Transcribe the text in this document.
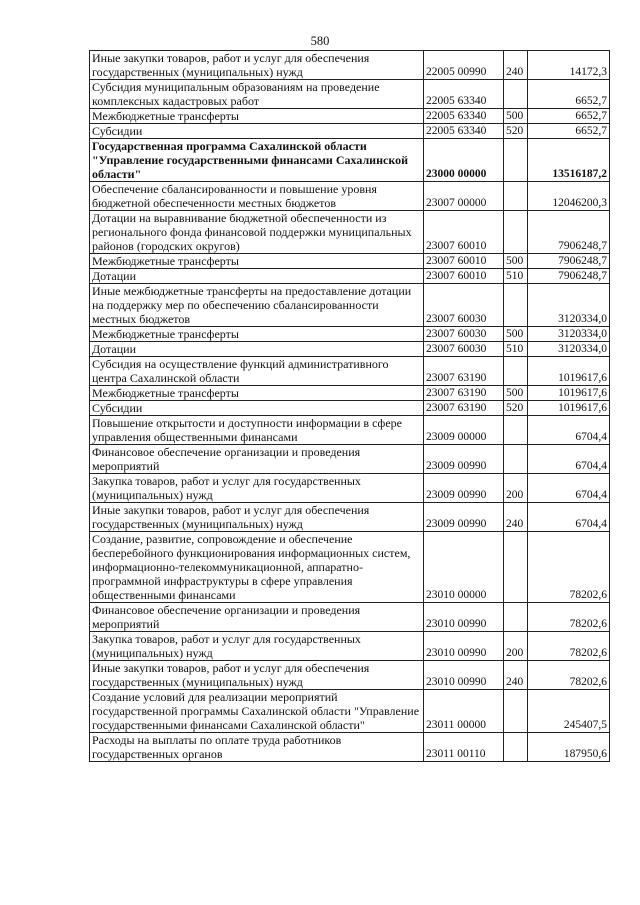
580
Иные закупки товаров, работ и услуг для обеспечения государственных (муниципальных) нужд	22005 00990	240	14172,3
Субсидия муниципальным образованиям на проведение комплексных кадастровых работ	22005 63340		6652,7
Межбюджетные трансферты	22005 63340	500	6652,7
Субсидии	22005 63340	520	6652,7
Государственная программа Сахалинской области "Управление государственными финансами Сахалинской области"	23000 00000		13516187,2
Обеспечение сбалансированности и повышение уровня бюджетной обеспеченности местных бюджетов	23007 00000		12046200,3
Дотации на выравнивание бюджетной обеспеченности из регионального фонда финансовой поддержки муниципальных районов (городских округов)	23007 60010		7906248,7
Межбюджетные трансферты	23007 60010	500	7906248,7
Дотации	23007 60010	510	7906248,7
Иные межбюджетные трансферты на предоставление дотации на поддержку мер по обеспечению сбалансированности местных бюджетов	23007 60030		3120334,0
Межбюджетные трансферты	23007 60030	500	3120334,0
Дотации	23007 60030	510	3120334,0
Субсидия на осуществление функций административного центра Сахалинской области	23007 63190		1019617,6
Межбюджетные трансферты	23007 63190	500	1019617,6
Субсидии	23007 63190	520	1019617,6
Повышение открытости и доступности информации в сфере управления общественными финансами	23009 00000		6704,4
Финансовое обеспечение организации и проведения мероприятий	23009 00990		6704,4
Закупка товаров, работ и услуг для государственных (муниципальных) нужд	23009 00990	200	6704,4
Иные закупки товаров, работ и услуг для обеспечения государственных (муниципальных) нужд	23009 00990	240	6704,4
Создание, развитие, сопровождение и обеспечение бесперебойного функционирования информационных систем, информационно-телекоммуникационной, аппаратно-программной инфраструктуры в сфере управления общественными финансами	23010 00000		78202,6
Финансовое обеспечение организации и проведения мероприятий	23010 00990		78202,6
Закупка товаров, работ и услуг для государственных (муниципальных) нужд	23010 00990	200	78202,6
Иные закупки товаров, работ и услуг для обеспечения государственных (муниципальных) нужд	23010 00990	240	78202,6
Создание условий для реализации мероприятий государственной программы Сахалинской области "Управление государственными финансами Сахалинской области"	23011 00000		245407,5
Расходы на выплаты по оплате труда работников государственных органов	23011 00110		187950,6
